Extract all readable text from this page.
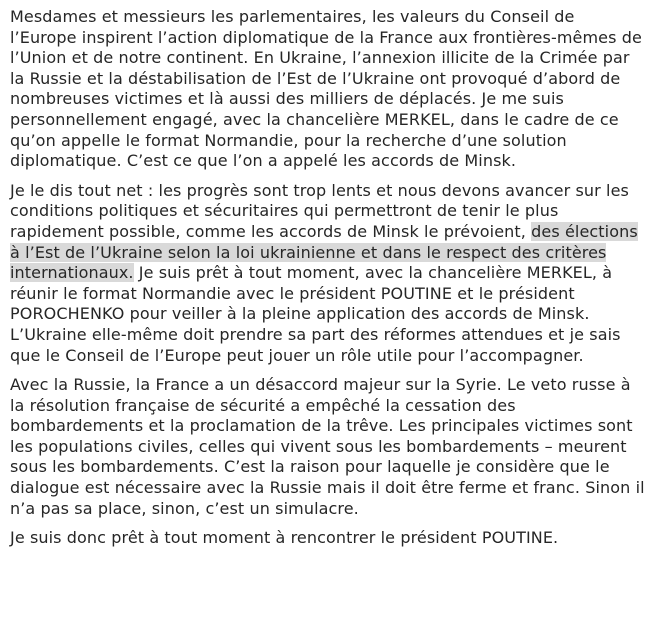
Mesdames et messieurs les parlementaires, les valeurs du Conseil de l’Europe inspirent l’action diplomatique de la France aux frontières-mêmes de l’Union et de notre continent. En Ukraine, l’annexion illicite de la Crimée par la Russie et la déstabilisation de l’Est de l’Ukraine ont provoqué d’abord de nombreuses victimes et là aussi des milliers de déplacés. Je me suis personnellement engagé, avec la chancelière MERKEL, dans le cadre de ce qu’on appelle le format Normandie, pour la recherche d’une solution diplomatique. C’est ce que l’on a appelé les accords de Minsk.

Je le dis tout net : les progrès sont trop lents et nous devons avancer sur les conditions politiques et sécuritaires qui permettront de tenir le plus rapidement possible, comme les accords de Minsk le prévoient, des élections à l’Est de l’Ukraine selon la loi ukrainienne et dans le respect des critères internationaux. Je suis prêt à tout moment, avec la chancelière MERKEL, à réunir le format Normandie avec le président POUTINE et le président POROCHENKO pour veiller à la pleine application des accords de Minsk. L’Ukraine elle-même doit prendre sa part des réformes attendues et je sais que le Conseil de l’Europe peut jouer un rôle utile pour l’accompagner.

Avec la Russie, la France a un désaccord majeur sur la Syrie. Le veto russe à la résolution française de sécurité a empêché la cessation des bombardements et la proclamation de la trêve. Les principales victimes sont les populations civiles, celles qui vivent sous les bombardements – meurent sous les bombardements. C’est la raison pour laquelle je considère que le dialogue est nécessaire avec la Russie mais il doit être ferme et franc. Sinon il n’a pas sa place, sinon, c’est un simulacre.

Je suis donc prêt à tout moment à rencontrer le président POUTINE.
